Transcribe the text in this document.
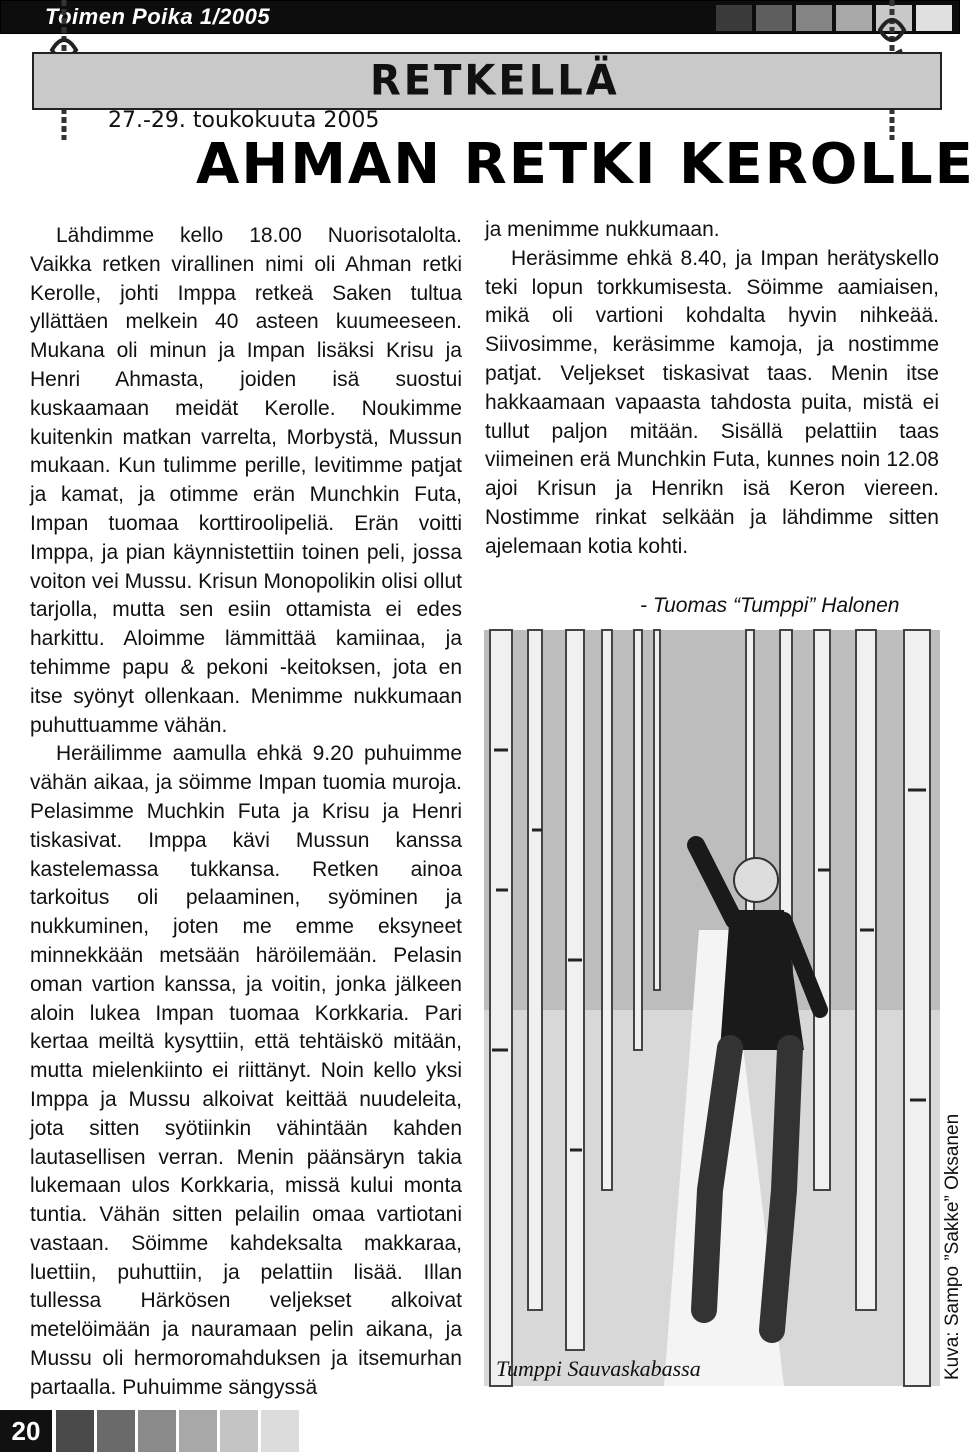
Toimen Poika 1/2005
RETKELLÄ
27.-29. toukokuuta 2005
AHMAN RETKI KEROLLE

Lähdimme kello 18.00 Nuorisotalolta. Vaikka retken virallinen nimi oli Ahman retki Kerolle, johti Imppa retkeä Saken tultua yllättäen melkein 40 asteen kuumeeseen. Mukana oli minun ja Impan lisäksi Krisu ja Henri Ahmasta, joiden isä suostui kuskaamaan meidät Kerolle. Noukimme kuitenkin matkan varrelta, Morbystä, Mussun mukaan. Kun tulimme perille, levitimme patjat ja kamat, ja otimme erän Munchkin Futa, Impan tuomaa korttiroolipeliä. Erän voitti Imppa, ja pian käynnistettiin toinen peli, jossa voiton vei Mussu. Krisun Monopolikin olisi ollut tarjolla, mutta sen esiin ottamista ei edes harkittu. Aloimme lämmittää kamiinaa, ja tehimme papu & pekoni -keitoksen, jota en itse syönyt ollenkaan. Menimme nukkumaan puhuttuamme vähän.

Heräilimme aamulla ehkä 9.20 puhuimme vähän aikaa, ja söimme Impan tuomia muroja. Pelasimme Muchkin Futa ja Krisu ja Henri tiskasivat. Imppa kävi Mussun kanssa kastelemassa tukkansa. Retken ainoa tarkoitus oli pelaaminen, syöminen ja nukkuminen, joten me emme eksyneet minnekkään metsään häröilemään. Pelasin oman vartion kanssa, ja voitin, jonka jälkeen aloin lukea Impan tuomaa Korkkaria. Pari kertaa meiltä kysyttiin, että tehtäiskö mitään, mutta mielenkiinto ei riittänyt. Noin kello yksi Imppa ja Mussu alkoivat keittää nuudeleita, jota sitten syötiinkin vähintään kahden lautasellisen verran. Menin päänsäryn takia lukemaan ulos Korkkaria, missä kului monta tuntia. Vähän sitten pelailin omaa vartiotani vastaan. Söimme kahdeksalta makkaraa, luettiin, puhuttiin, ja pelattiin lisää. Illan tullessa Härkösen veljekset alkoivat metelöimään ja nauramaan pelin aikana, ja Mussu oli hermoromahduksen ja itsemurhan partaalla. Puhuimme sängyssä

ja menimme nukkumaan.

Heräsimme ehkä 8.40, ja Impan herätyskello teki lopun torkkumisesta. Söimme aamiaisen, mikä oli vartioni kohdalta hyvin nihkeää. Siivosimme, keräsimme kamoja, ja nostimme patjat. Veljekset tiskasivat taas. Menin itse hakkaamaan vapaasta tahdosta puita, mistä ei tullut paljon mitään. Sisällä pelattiin taas viimeinen erä Munchkin Futa, kunnes noin 12.08 ajoi Krisun ja Henrikn isä Keron viereen. Nostimme rinkat selkään ja lähdimme sitten ajelemaan kotia kohti.

- Tuomas “Tumppi” Halonen
Tumppi Sauvaskabassa	Kuva: Sampo ”Sakke” Oksanen
20
